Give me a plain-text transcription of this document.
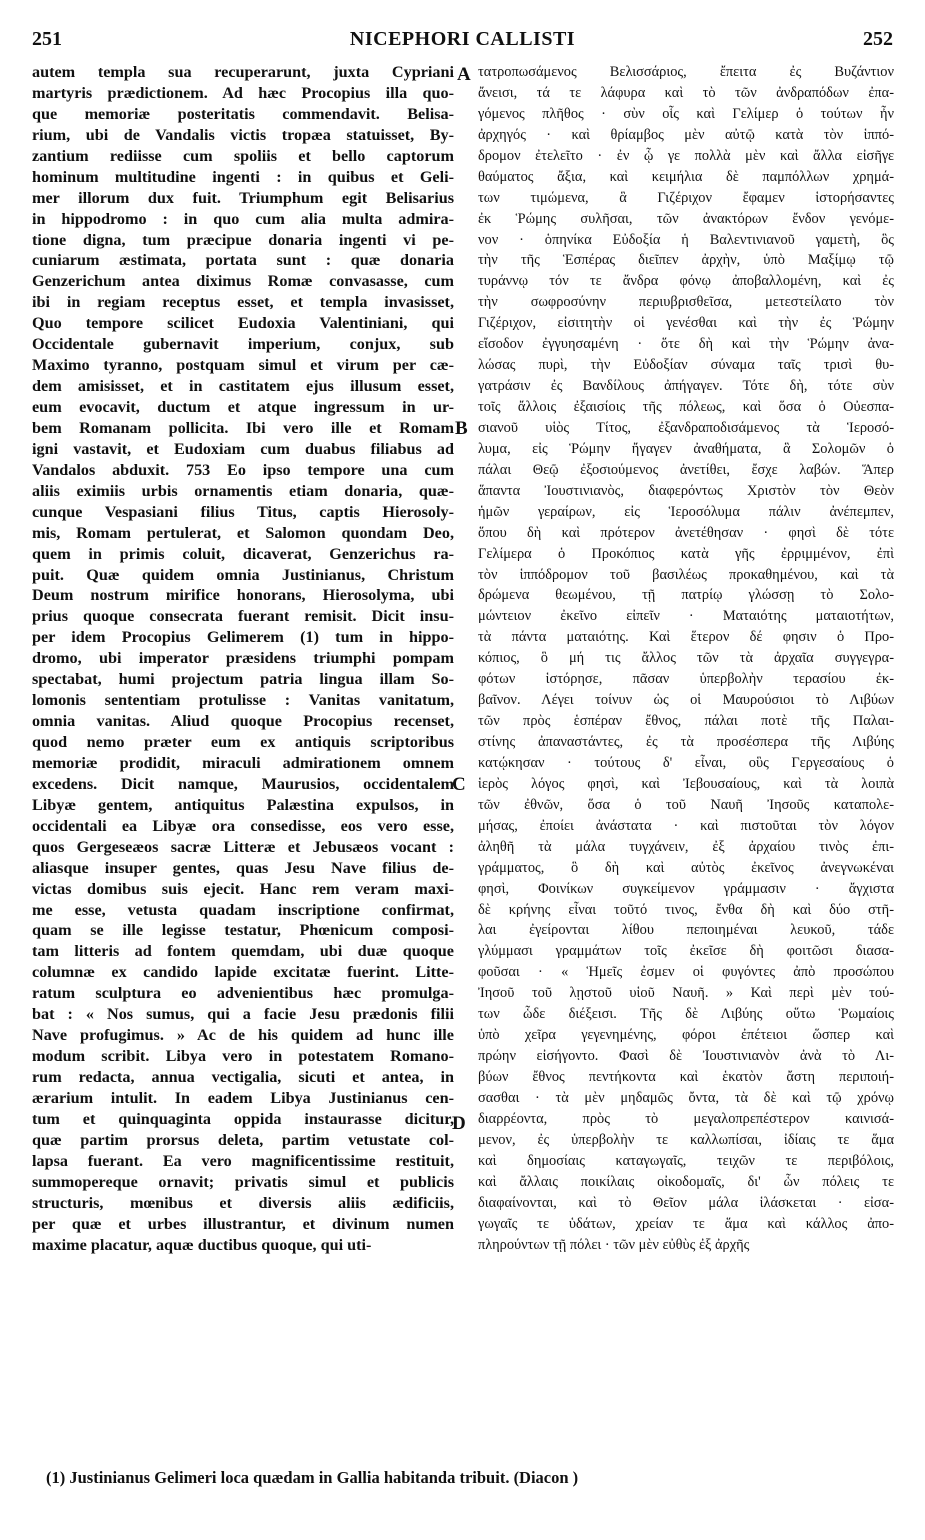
251	NICEPHORI CALLISTI	252
autem templa sua recuperarunt, juxta Cypriani
martyris prædictionem. Ad hæc Procopius illa quo-
que memoriæ posteritatis commendavit. Belisa-
rium, ubi de Vandalis victis tropæa statuisset, By-
zantium rediisse cum spoliis et bello captorum
hominum multitudine ingenti : in quibus et Geli-
mer illorum dux fuit. Triumphum egit Belisarius
in hippodromo : in quo cum alia multa admira-
tione digna, tum præcipue donaria ingenti vi pe-
cuniarum æstimata, portata sunt : quæ donaria
Genzerichum antea diximus Romæ convasasse, cum
ibi in regiam receptus esset, et templa invasisset,
Quo tempore scilicet Eudoxia Valentiniani, qui
Occidentale gubernavit imperium, conjux, sub
Maximo tyranno, postquam simul et virum per cæ-
dem amisisset, et in castitatem ejus illusum esset,
eum evocavit, ductum et atque ingressum in ur-
bem Romanam pollicita. Ibi vero ille et Romam
igni vastavit, et Eudoxiam cum duabus filiabus ad
Vandalos abduxit. 753 Eo ipso tempore una cum
aliis eximiis urbis ornamentis etiam donaria, quæ-
cunque Vespasiani filius Titus, captis Hierosoly-
mis, Romam pertulerat, et Salomon quondam Deo,
quem in primis coluit, dicaverat, Genzerichus ra-
puit. Quæ quidem omnia Justinianus, Christum
Deum nostrum mirifice honorans, Hierosolyma, ubi
prius quoque consecrata fuerant remisit. Dicit insu-
per idem Procopius Gelimerem (1) tum in hippo-
dromo, ubi imperator præsidens triumphi pompam
spectabat, humi projectum patria lingua illam So-
lomonis sententiam protulisse : Vanitas vanitatum,
omnia vanitas. Aliud quoque Procopius recenset,
quod nemo præter eum ex antiquis scriptoribus
memoriæ prodidit, miraculi admirationem omnem
excedens. Dicit namque, Maurusios, occidentalem
Libyæ gentem, antiquitus Palæstina expulsos, in
occidentali ea Libyæ ora consedisse, eos vero esse,
quos Gergeseæos sacræ Litteræ et Jebusæos vocant :
aliasque insuper gentes, quas Jesu Nave filius de-
victas domibus suis ejecit. Hanc rem veram maxi-
me esse, vetusta quadam inscriptione confirmat,
quam se ille legisse testatur, Phœnicum composi-
tam litteris ad fontem quemdam, ubi duæ quoque
columnæ ex candido lapide excitatæ fuerint. Litte-
ratum sculptura eo advenientibus hæc promulga-
bat : « Nos sumus, qui a facie Jesu prædonis filii
Nave profugimus. » Ac de his quidem ad hunc ille
modum scribit. Libya vero in potestatem Romano-
rum redacta, annua vectigalia, sicuti et antea, in
ærarium intulit. In eadem Libya Justinianus cen-
tum et quinquaginta oppida instaurasse dicitur,
quæ partim prorsus deleta, partim vetustate col-
lapsa fuerant. Ea vero magnificentissime restituit,
summopereque ornavit; privatis simul et publicis
structuris, mœnibus et diversis aliis ædificiis,
per quæ et urbes illustrantur, et divinum numen
maxime placatur, aquæ ductibus quoque, qui uti-
τατροπωσάμενος Βελισσάριος, ἔπειτα ἐς Βυζάντιον
ἄνεισι, τά τε λάφυρα καὶ τὸ τῶν ἀνδραπόδων ἐπα-
γόμενος πλῆθος · σὺν οἷς καὶ Γελίμερ ὁ τούτων ἦν
ἀρχηγός · καὶ θρίαμβος μὲν αὐτῷ κατὰ τὸν ἱππό-
δρομον ἐτελεῖτο · ἐν ᾧ γε πολλὰ μὲν καὶ ἄλλα εἰσῆγε
θαύματος ἄξια, καὶ κειμήλια δὲ παμπόλλων χρημά-
των τιμώμενα, ἃ Γιζέριχον ἔφαμεν ἱστορήσαντες
ἐκ Ῥώμης συλῆσαι, τῶν ἀνακτόρων ἔνδον γενόμε-
νον · ὁπηνίκα Εὐδοξία ἡ Βαλεντινιανοῦ γαμετὴ, ὃς
τὴν τῆς Ἑσπέρας διεῖπεν ἀρχὴν, ὑπὸ Μαξίμῳ τῷ
τυράννῳ τόν τε ἄνδρα φόνῳ ἀποβαλλομένη, καὶ ἐς
τὴν σωφροσύνην περιυβρισθεῖσα, μετεστείλατο τὸν
Γιζέριχον, εἰσιτητὴν οἱ γενέσθαι καὶ τὴν ἐς Ῥώμην
εἴσοδον ἐγγυησαμένη · ὅτε δὴ καὶ τὴν Ῥώμην ἀνα-
λώσας πυρὶ, τὴν Εὐδοξίαν σύναμα ταῖς τρισὶ θυ-
γατράσιν ἐς Βανδίλους ἀπήγαγεν. Τότε δὴ, τότε σὺν
τοῖς ἄλλοις ἐξαισίοις τῆς πόλεως, καὶ ὅσα ὁ Οὐεσπα-
σιανοῦ υἱὸς Τίτος, ἐξανδραποδισάμενος τὰ Ἱεροσό-
λυμα, εἰς Ῥώμην ἤγαγεν ἀναθήματα, ἃ Σολομῶν ὁ
πάλαι Θεῷ ἐξοσιούμενος ἀνετίθει, ἔσχε λαβών. Ἅπερ
ἅπαντα Ἰουστινιανὸς, διαφερόντως Χριστὸν τὸν Θεὸν
ἡμῶν γεραίρων, εἰς Ἱεροσόλυμα πάλιν ἀνέπεμπεν,
ὅπου δὴ καὶ πρότερον ἀνετέθησαν · φησὶ δὲ τότε
Γελίμερα ὁ Προκόπιος κατὰ γῆς ἐρριμμένον, ἐπὶ
τὸν ἱππόδρομον τοῦ βασιλέως προκαθημένου, καὶ τὰ
δρώμενα θεωμένου, τῇ πατρίῳ γλώσσῃ τὸ Σολο-
μώντειον ἐκεῖνο εἰπεῖν · Ματαιότης ματαιοτήτων,
τὰ πάντα ματαιότης. Καὶ ἕτερον δέ φησιν ὁ Προ-
κόπιος, ὃ μή τις ἄλλος τῶν τὰ ἀρχαῖα συγγεγρα-
φότων ἱστόρησε, πᾶσαν ὑπερβολὴν τερασίου ἐκ-
βαῖνον. Λέγει τοίνυν ὡς οἱ Μαυρούσιοι τὸ Λιβύων
τῶν πρὸς ἑσπέραν ἔθνος, πάλαι ποτὲ τῆς Παλαι-
στίνης ἀπαναστάντες, ἐς τὰ προσέσπερα τῆς Λιβύης
κατῴκησαν · τούτους δ' εἶναι, οὓς Γεργεσαίους ὁ
ἱερὸς λόγος φησὶ, καὶ Ἰεβουσαίους, καὶ τὰ λοιπὰ
τῶν ἐθνῶν, ὅσα ὁ τοῦ Ναυῆ Ἰησοῦς καταπολε-
μήσας, ἐποίει ἀνάστατα · καὶ πιστοῦται τὸν λόγον
ἀληθῆ τὰ μάλα τυγχάνειν, ἐξ ἀρχαίου τινὸς ἐπι-
γράμματος, ὃ δὴ καὶ αὐτὸς ἐκεῖνος ἀνεγνωκέναι
φησὶ, Φοινίκων συγκείμενον γράμμασιν · ἄγχιστα
δὲ κρήνης εἶναι τοῦτό τινος, ἔνθα δὴ καὶ δύο στῆ-
λαι ἐγείρονται λίθου πεποιημέναι λευκοῦ, τάδε
γλύμμασι γραμμάτων τοῖς ἐκεῖσε δὴ φοιτῶσι διασα-
φοῦσαι · « Ἡμεῖς ἐσμεν οἱ φυγόντες ἀπὸ προσώπου
Ἰησοῦ τοῦ λῃστοῦ υἱοῦ Ναυῆ. » Καὶ περὶ μὲν τού-
των ὧδε διέξεισι. Τῆς δὲ Λιβύης οὕτω Ῥωμαίοις
ὑπὸ χεῖρα γεγενημένης, φόροι ἐπέτειοι ὥσπερ καὶ
πρώην εἰσήγοντο. Φασὶ δὲ Ἰουστινιανὸν ἀνὰ τὸ Λι-
βύων ἔθνος πεντήκοντα καὶ ἑκατὸν ἄστη περιποιή-
σασθαι · τὰ μὲν μηδαμῶς ὄντα, τὰ δὲ καὶ τῷ χρόνῳ
διαρρέοντα, πρὸς τὸ μεγαλοπρεπέστερον καινισά-
μενον, ἐς ὑπερβολὴν τε καλλωπίσαι, ἰδίαις τε ἅμα
καὶ δημοσίαις καταγωγαῖς, τειχῶν τε περιβόλοις,
καὶ ἄλλαις ποικίλαις οἰκοδομαῖς, δι' ὧν πόλεις τε
διαφαίνονται, καὶ τὸ Θεῖον μάλα ἱλάσκεται · εἰσα-
γωγαῖς τε ὑδάτων, χρείαν τε ἅμα καὶ κάλλος ἀπο-
πληρούντων τῇ πόλει · τῶν μὲν εὐθὺς ἐξ ἀρχῆς
A
B
C
D
(1) Justinianus Gelimeri loca quædam in Gallia habitanda tribuit. (Diacon )
